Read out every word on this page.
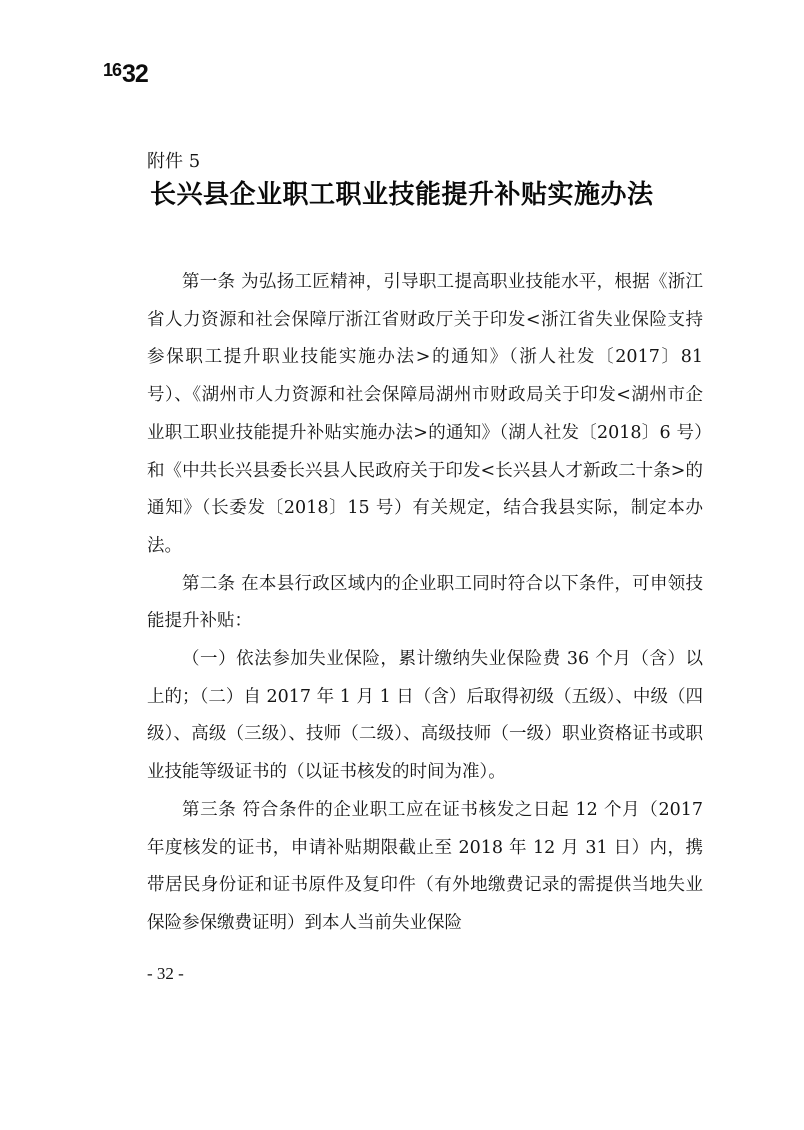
$^{16}$32
附件 5
长兴县企业职工职业技能提升补贴实施办法

第一条 为弘扬工匠精神，引导职工提高职业技能水平，根据《浙江省人力资源和社会保障厅浙江省财政厅关于印发<浙江省失业保险支持参保职工提升职业技能实施办法>的通知》（浙人社发〔2017〕81 号）、《湖州市人力资源和社会保障局湖州市财政局关于印发<湖州市企业职工职业技能提升补贴实施办法>的通知》（湖人社发〔2018〕6 号）和《中共长兴县委长兴县人民政府关于印发<长兴县人才新政二十条>的通知》（长委发〔2018〕15 号）有关规定，结合我县实际，制定本办法。

第二条 在本县行政区域内的企业职工同时符合以下条件，可申领技能提升补贴：

（一）依法参加失业保险，累计缴纳失业保险费 36 个月（含）以上的；（二）自 2017 年 1 月 1 日（含）后取得初级（五级）、中级（四级）、高级（三级）、技师（二级）、高级技师（一级）职业资格证书或职业技能等级证书的（以证书核发的时间为准）。

第三条 符合条件的企业职工应在证书核发之日起 12 个月（2017 年度核发的证书，申请补贴期限截止至 2018 年 12 月 31 日）内，携带居民身份证和证书原件及复印件（有外地缴费记录的需提供当地失业保险参保缴费证明）到本人当前失业保险

- 32 -
